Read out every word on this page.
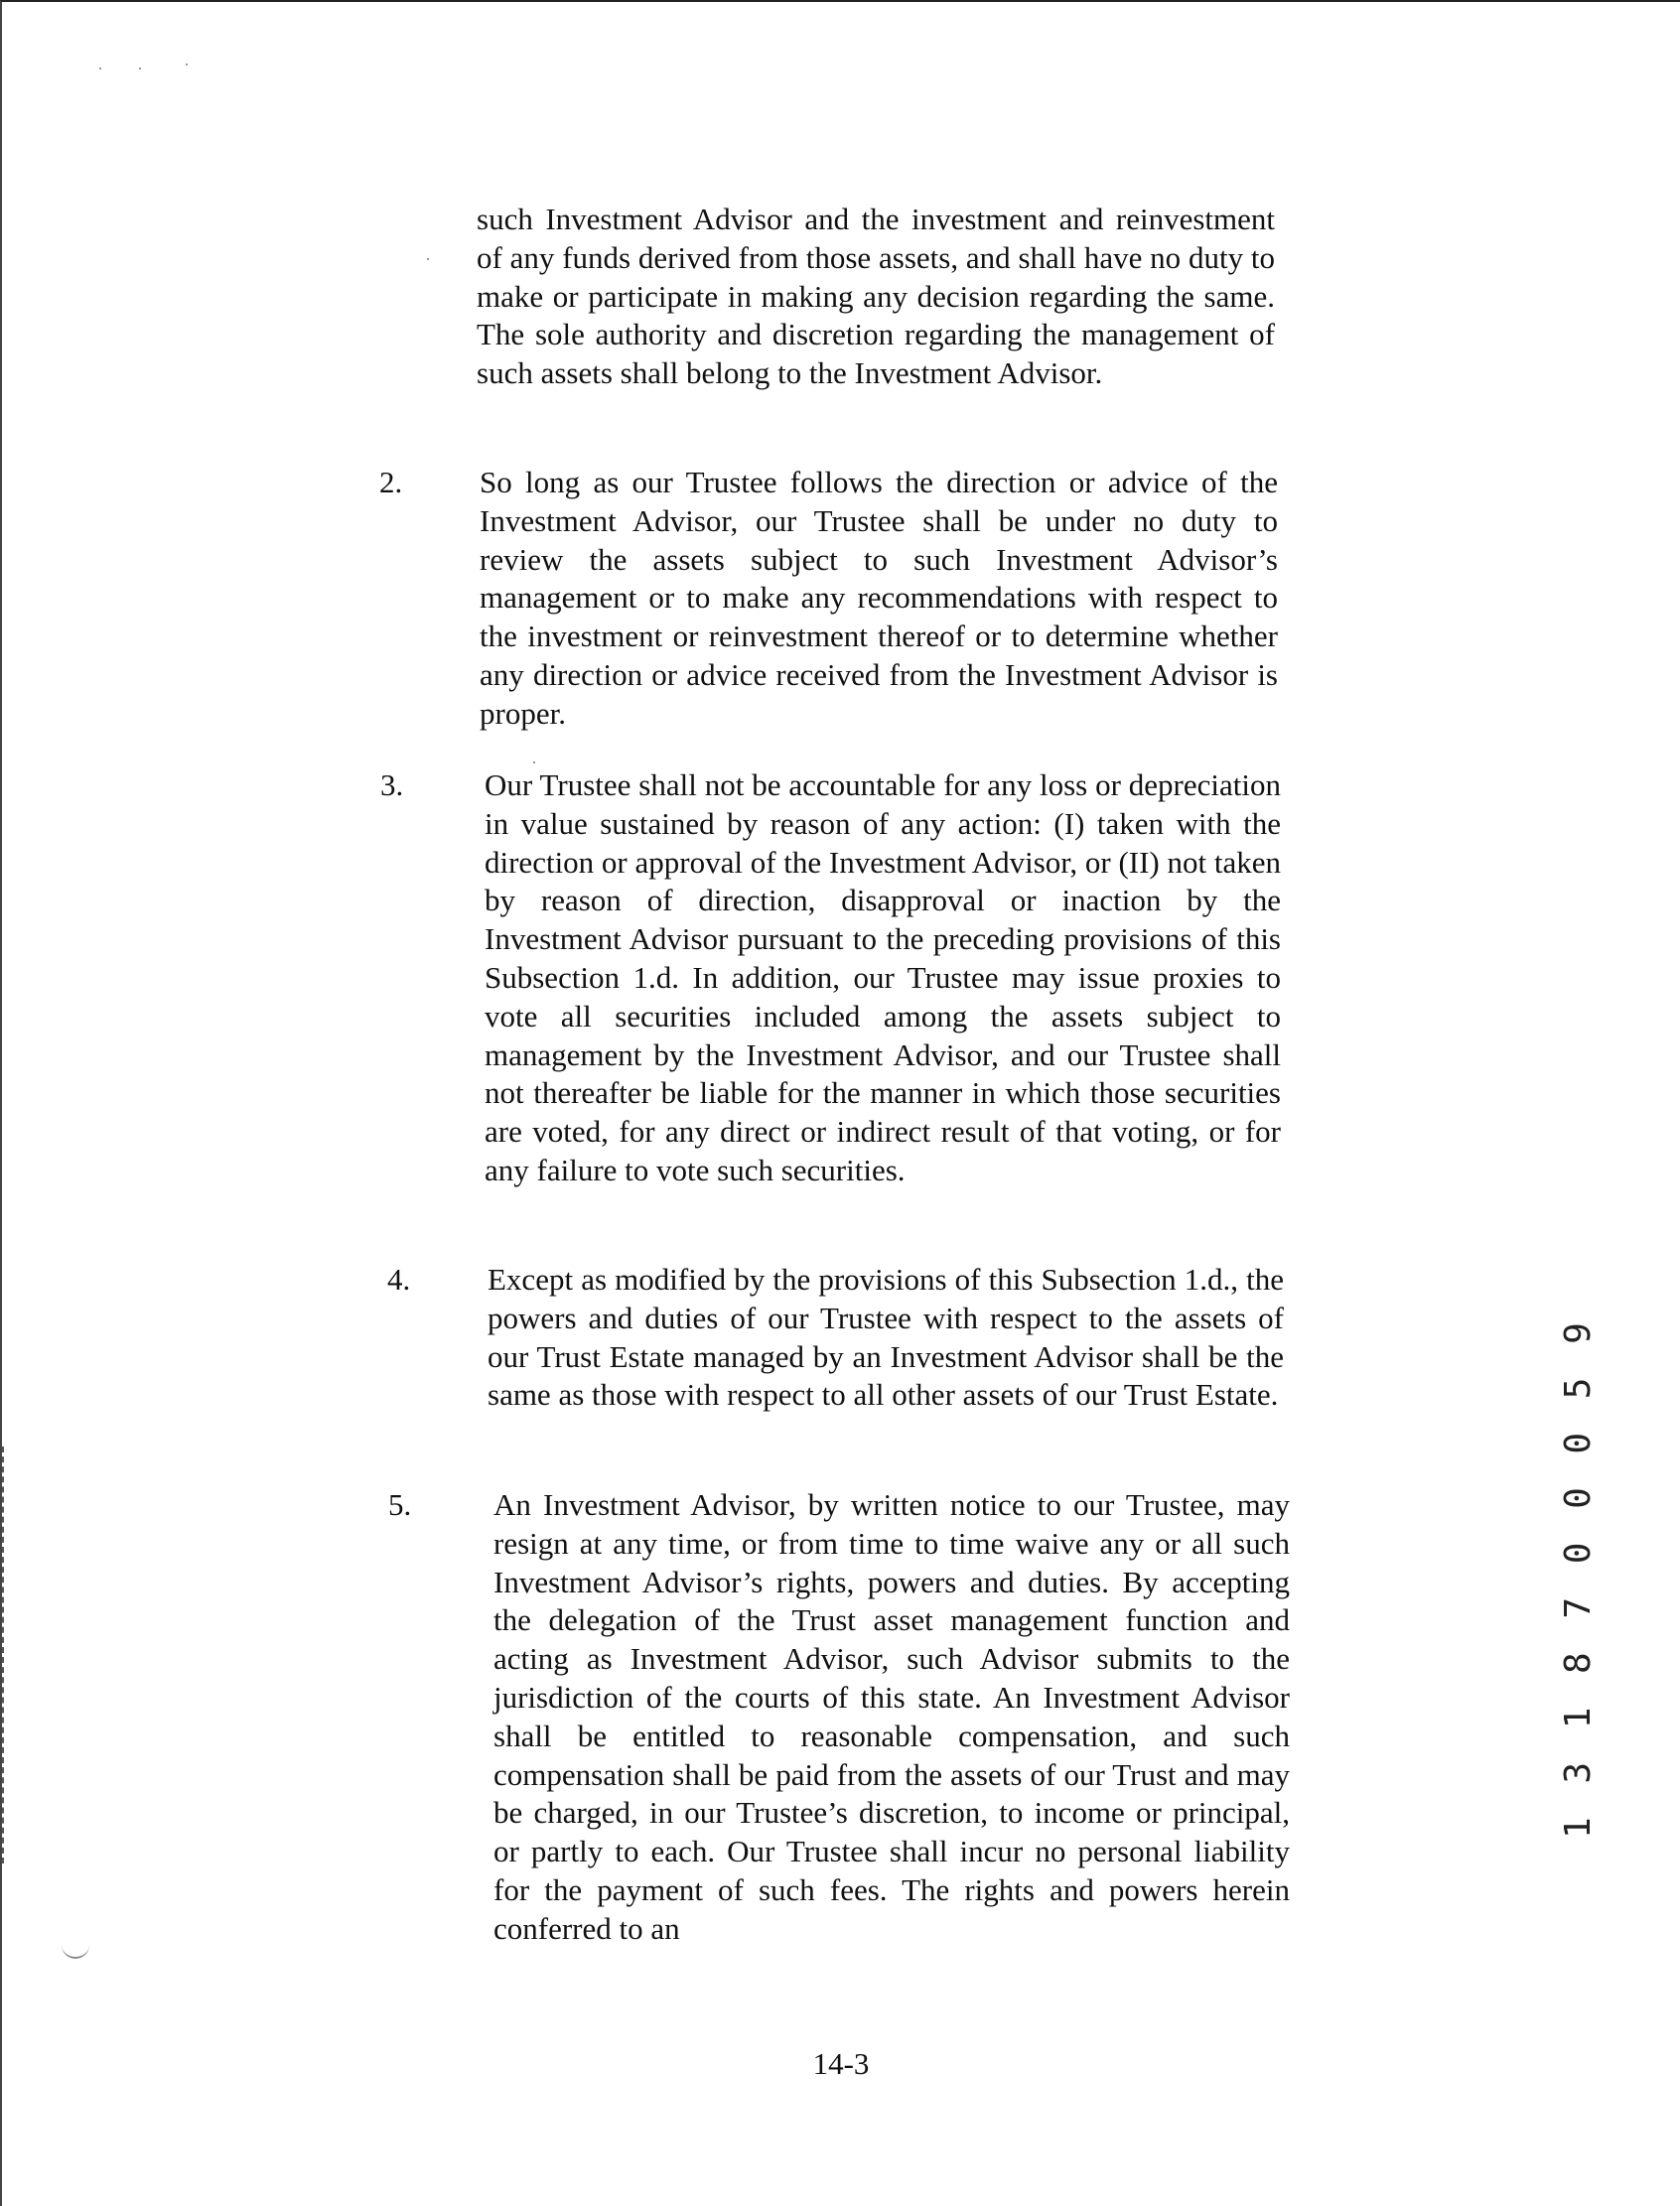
such Investment Advisor and the investment and reinvestment of any funds derived from those assets, and shall have no duty to make or participate in making any decision regarding the same. The sole authority and discretion regarding the management of such assets shall belong to the Investment Advisor.

2.	So long as our Trustee follows the direction or advice of the Investment Advisor, our Trustee shall be under no duty to review the assets subject to such Investment Advisor’s management or to make any recommendations with respect to the investment or reinvestment thereof or to determine whether any direction or advice received from the Investment Advisor is proper.

3.	Our Trustee shall not be accountable for any loss or depreciation in value sustained by reason of any action: (I) taken with the direction or approval of the Investment Advisor, or (II) not taken by reason of direction, disapproval or inaction by the Investment Advisor pursuant to the preceding provisions of this Subsection 1.d. In addition, our Trustee may issue proxies to vote all securities included among the assets subject to management by the Investment Advisor, and our Trustee shall not thereafter be liable for the manner in which those securities are voted, for any direct or indirect result of that voting, or for any failure to vote such securities.

4.	Except as modified by the provisions of this Subsection 1.d., the powers and duties of our Trustee with respect to the assets of our Trust Estate managed by an Investment Advisor shall be the same as those with respect to all other assets of our Trust Estate.

5.	An Investment Advisor, by written notice to our Trustee, may resign at any time, or from time to time waive any or all such Investment Advisor’s rights, powers and duties. By accepting the delegation of the Trust asset management function and acting as Investment Advisor, such Advisor submits to the jurisdiction of the courts of this state. An Investment Advisor shall be entitled to reasonable compensation, and such compensation shall be paid from the assets of our Trust and may be charged, in our Trustee’s discretion, to income or principal, or partly to each. Our Trustee shall incur no personal liability for the payment of such fees. The rights and powers herein conferred to an

14-3
1 3 1 8 7 0 0 0 5 9
